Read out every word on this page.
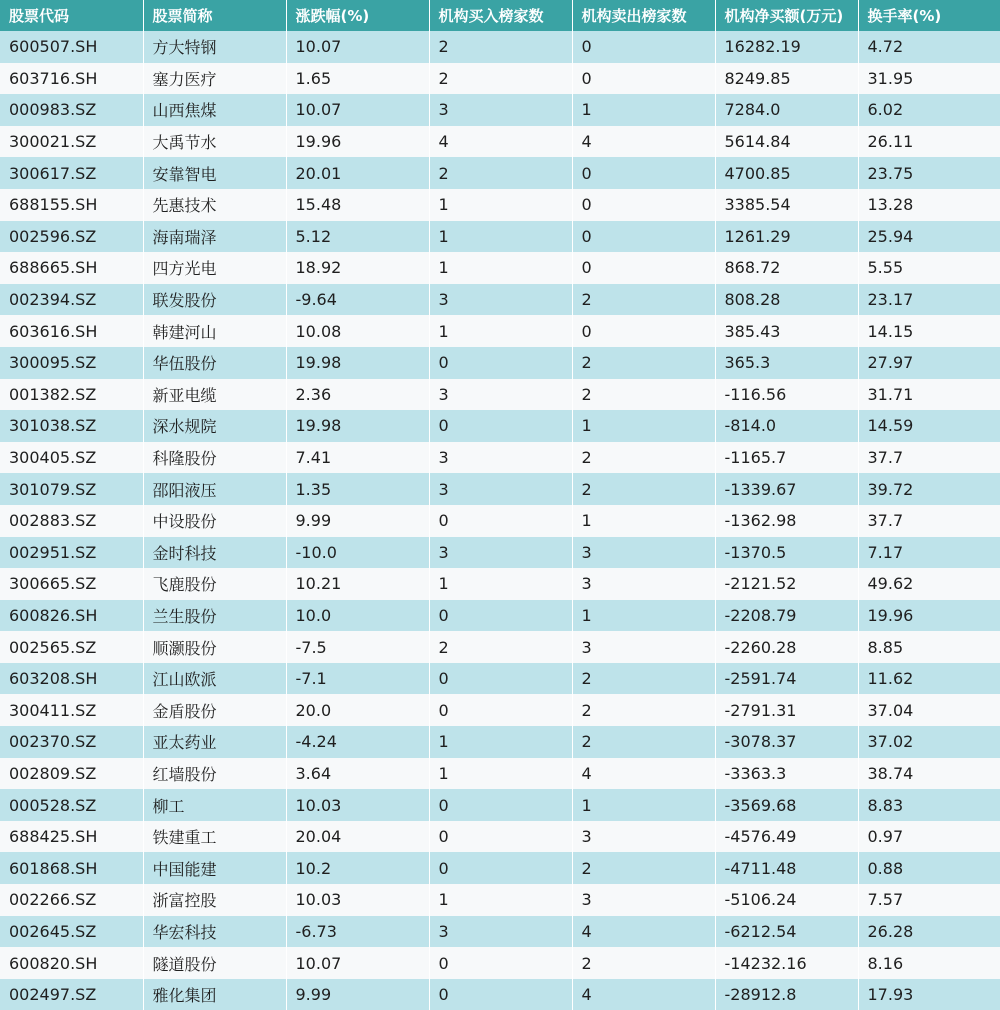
股票代码	股票简称	涨跌幅(%)	机构买入榜家数	机构卖出榜家数	机构净买额(万元)	换手率(%)
600507.SH	方大特钢	10.07	2	0	16282.19	4.72
603716.SH	塞力医疗	1.65	2	0	8249.85	31.95
000983.SZ	山西焦煤	10.07	3	1	7284.0	6.02
300021.SZ	大禹节水	19.96	4	4	5614.84	26.11
300617.SZ	安靠智电	20.01	2	0	4700.85	23.75
688155.SH	先惠技术	15.48	1	0	3385.54	13.28
002596.SZ	海南瑞泽	5.12	1	0	1261.29	25.94
688665.SH	四方光电	18.92	1	0	868.72	5.55
002394.SZ	联发股份	-9.64	3	2	808.28	23.17
603616.SH	韩建河山	10.08	1	0	385.43	14.15
300095.SZ	华伍股份	19.98	0	2	365.3	27.97
001382.SZ	新亚电缆	2.36	3	2	-116.56	31.71
301038.SZ	深水规院	19.98	0	1	-814.0	14.59
300405.SZ	科隆股份	7.41	3	2	-1165.7	37.7
301079.SZ	邵阳液压	1.35	3	2	-1339.67	39.72
002883.SZ	中设股份	9.99	0	1	-1362.98	37.7
002951.SZ	金时科技	-10.0	3	3	-1370.5	7.17
300665.SZ	飞鹿股份	10.21	1	3	-2121.52	49.62
600826.SH	兰生股份	10.0	0	1	-2208.79	19.96
002565.SZ	顺灏股份	-7.5	2	3	-2260.28	8.85
603208.SH	江山欧派	-7.1	0	2	-2591.74	11.62
300411.SZ	金盾股份	20.0	0	2	-2791.31	37.04
002370.SZ	亚太药业	-4.24	1	2	-3078.37	37.02
002809.SZ	红墙股份	3.64	1	4	-3363.3	38.74
000528.SZ	柳工	10.03	0	1	-3569.68	8.83
688425.SH	铁建重工	20.04	0	3	-4576.49	0.97
601868.SH	中国能建	10.2	0	2	-4711.48	0.88
002266.SZ	浙富控股	10.03	1	3	-5106.24	7.57
002645.SZ	华宏科技	-6.73	3	4	-6212.54	26.28
600820.SH	隧道股份	10.07	0	2	-14232.16	8.16
002497.SZ	雅化集团	9.99	0	4	-28912.8	17.93
